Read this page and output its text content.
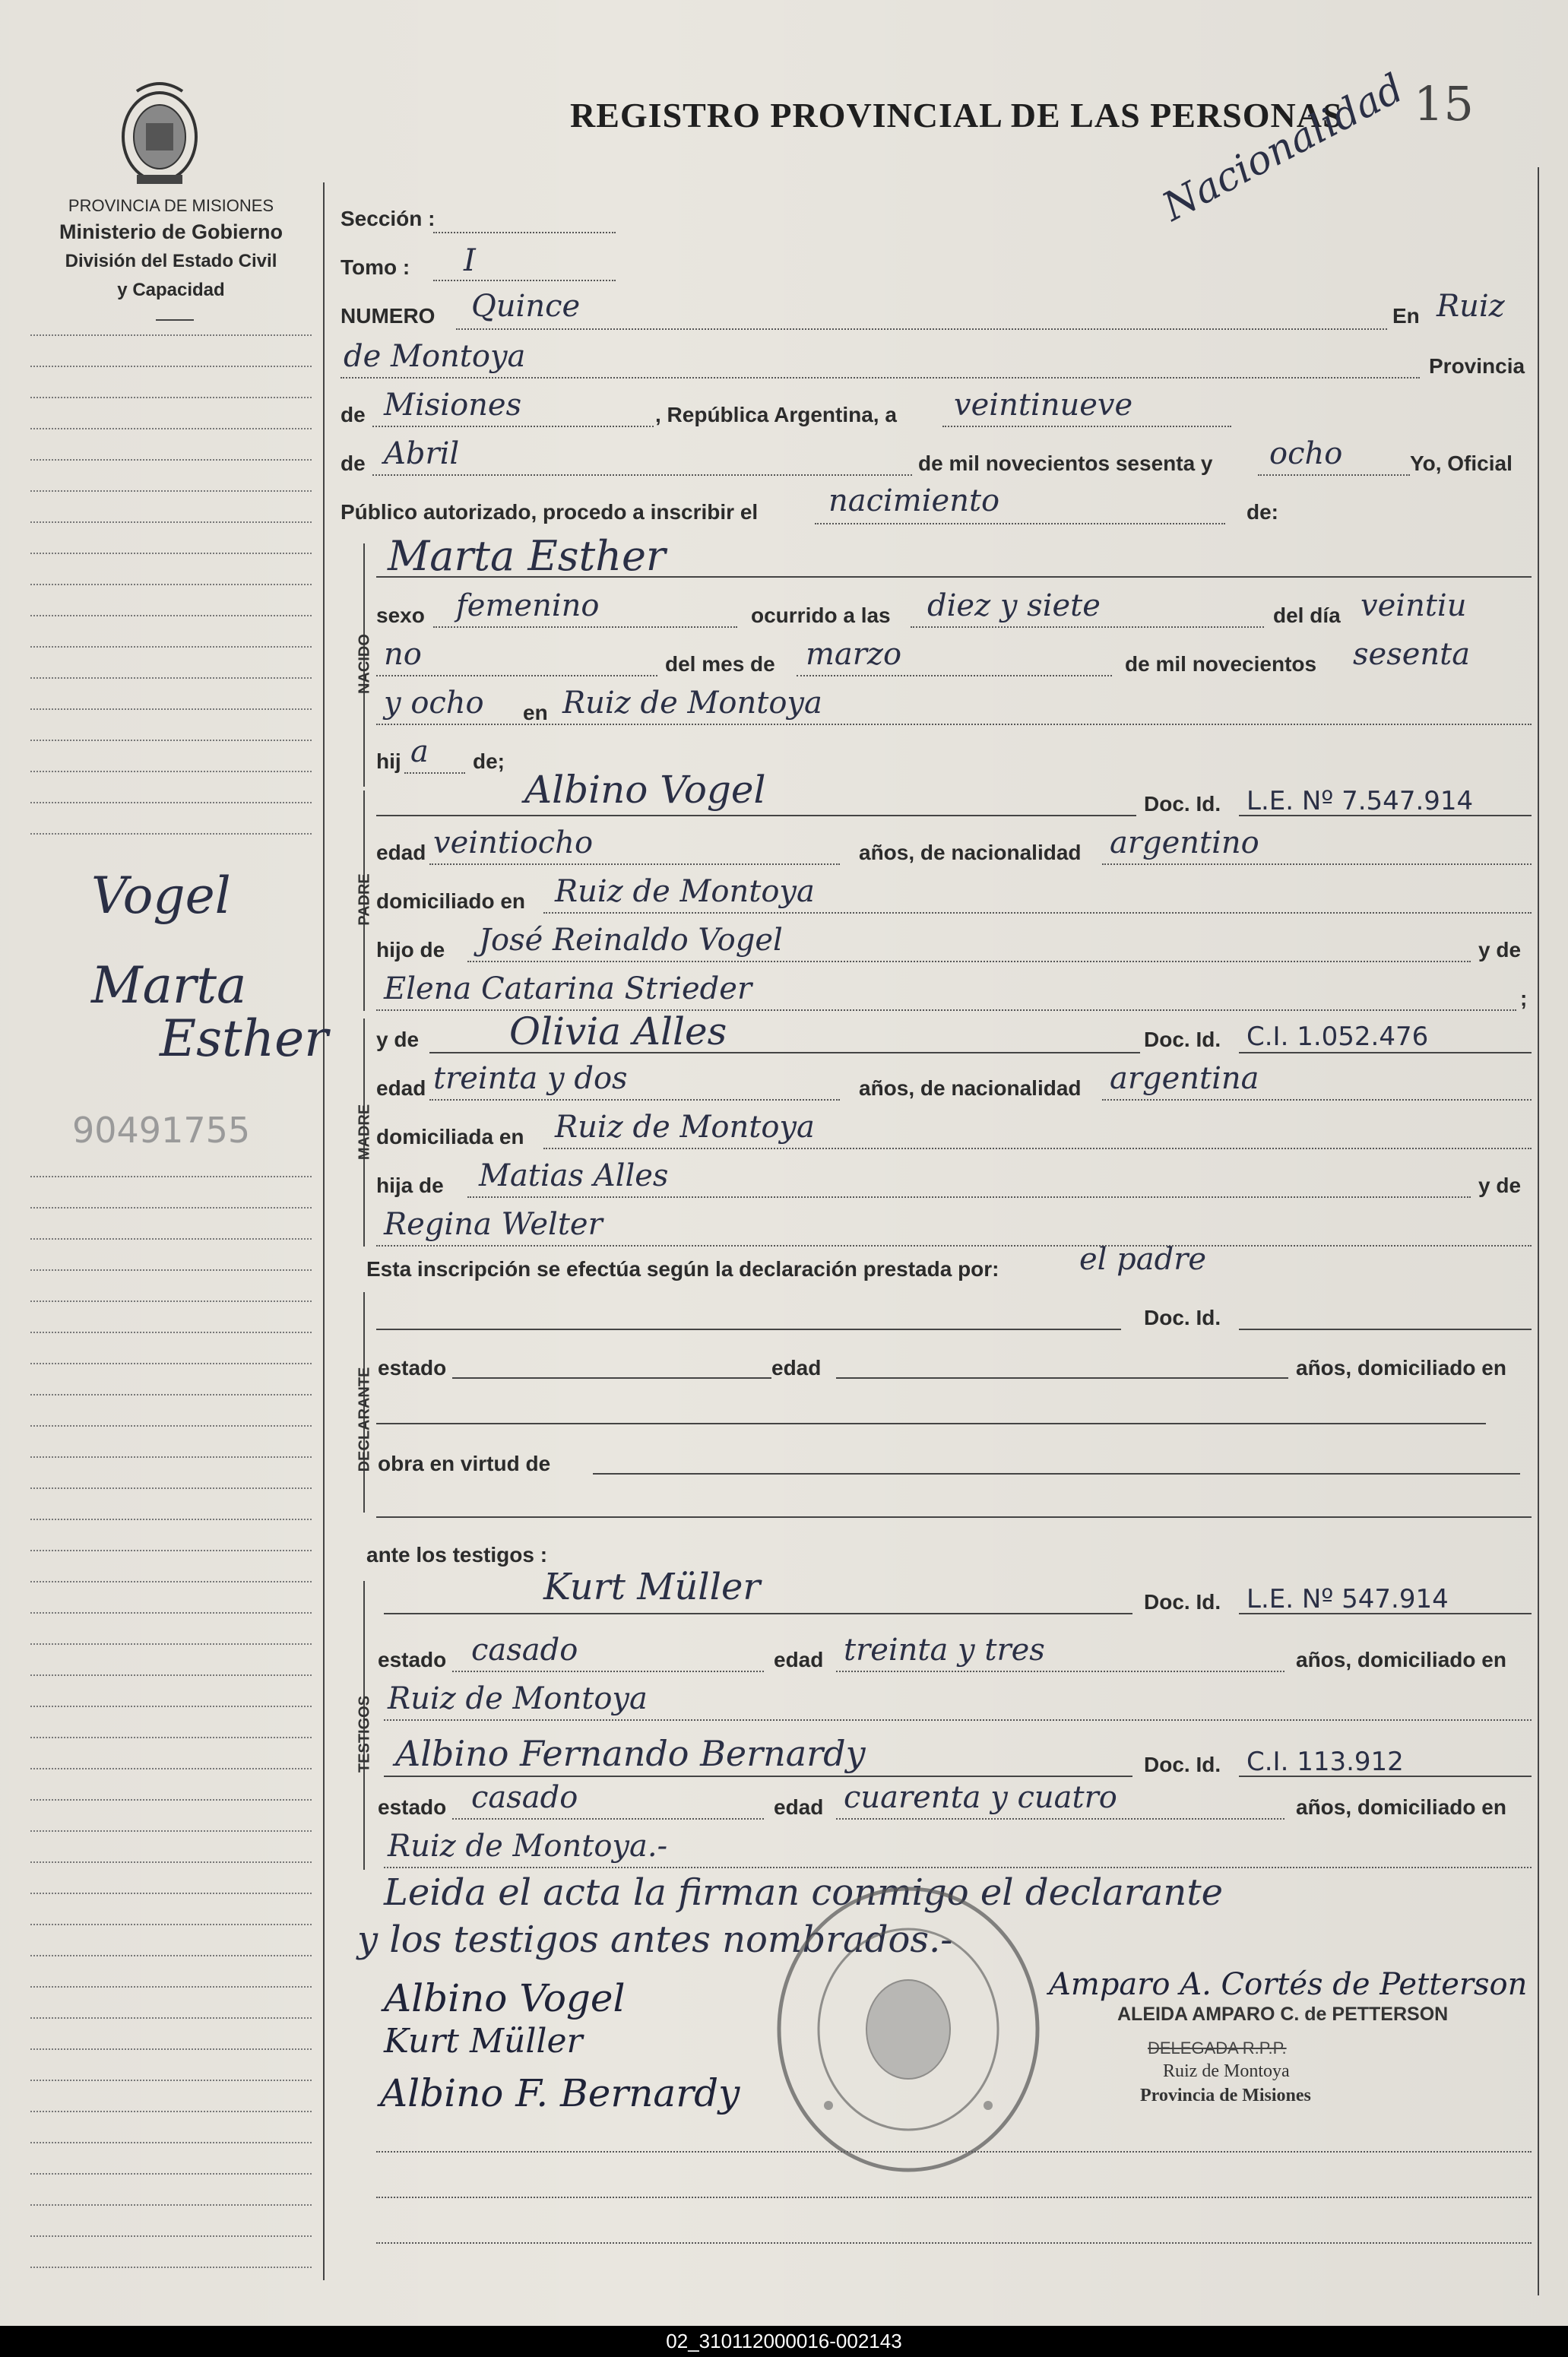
PROVINCIA DE MISIONES
Ministerio de Gobierno
División del Estado Civil
y Capacidad
REGISTRO PROVINCIAL DE LAS PERSONAS 15
Nacionalidad
Vogel
Marta
Esther
90491755
Sección :
Tomo : I
NUMERO Quince	En Ruiz
de Montoya	Provincia
de Misiones	, República Argentina, a veintinueve
de Abril	de mil novecientos sesenta y ocho	Yo, Oficial
Público autorizado, procedo a inscribir el nacimiento	de:
NACIDO
Marta Esther
sexo femenino	ocurrido a las diez y siete	del día veintiu
no	del mes de marzo	de mil novecientos sesenta
y ocho en Ruiz de Montoya
hij a de;
PADRE
Albino Vogel	Doc. Id. L.E. Nº 7.547.914
edad veintiocho	años, de nacionalidad argentino
domiciliado en Ruiz de Montoya
hijo de José Reinaldo Vogel	y de
Elena Catarina Strieder	;
MADRE
y de Olivia Alles	Doc. Id. C.I. 1.052.476
edad treinta y dos	años, de nacionalidad argentina
domiciliada en Ruiz de Montoya
hija de Matias Alles	y de
Regina Welter
Esta inscripción se efectúa según la declaración prestada por:	el padre
DECLARANTE
Doc. Id.
estado	edad	años, domiciliado en
obra en virtud de
ante los testigos :
TESTIGOS
Kurt Müller	Doc. Id. L.E. Nº 547.914
estado casado	edad treinta y tres	años, domiciliado en
Ruiz de Montoya
Albino Fernando Bernardy	Doc. Id. C.I. 113.912
estado casado	edad cuarenta y cuatro	años, domiciliado en
Ruiz de Montoya.-
Leida el acta la firman conmigo el declarante
y los testigos antes nombrados.-
Albino Vogel
Kurt Müller
Albino F. Bernardy
Amparo A. Cortés de Petterson
ALEIDA AMPARO C. de PETTERSON
DELEGADA R.P.P.
Ruiz de Montoya
Provincia de Misiones
02_310112000016-002143
